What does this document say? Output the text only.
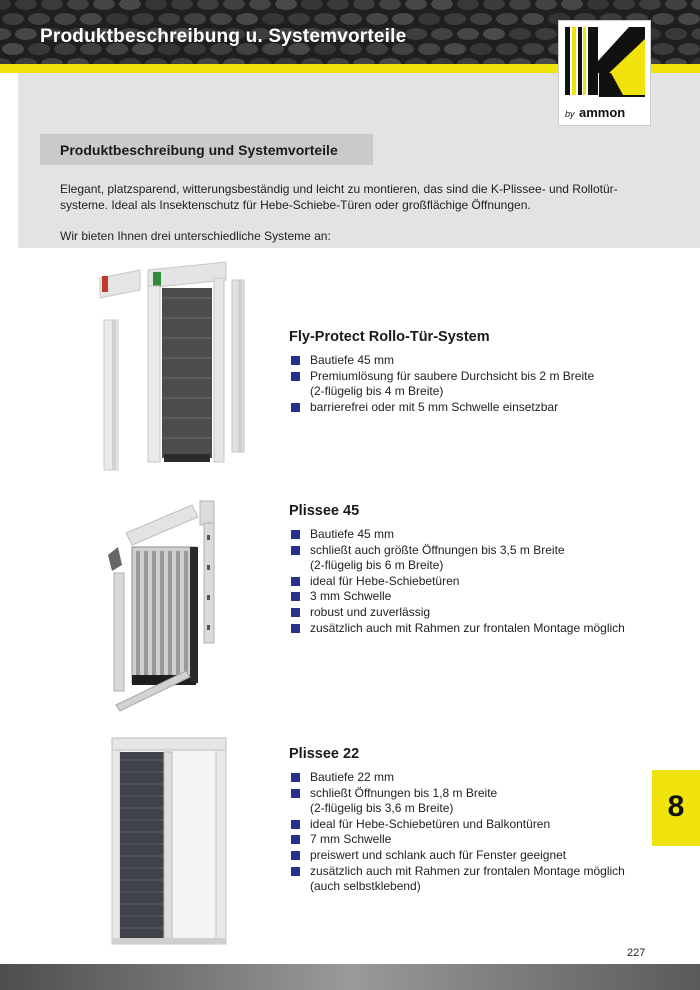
Produktbeschreibung u. Systemvorteile
by ammon
Produktbeschreibung und Systemvorteile
Elegant, platzsparend, witterungsbeständig und leicht zu montieren, das sind die K-Plissee- und Rollotür-
systeme. Ideal als Insektenschutz für Hebe-Schiebe-Türen oder großflächige Öffnungen.
Wir bieten Ihnen drei unterschiedliche Systeme an:
Fly-Protect Rollo-Tür-System
Bautiefe 45 mm
Premiumlösung für saubere Durchsicht bis 2 m Breite
(2-flügelig bis 4 m Breite)
barrierefrei oder mit 5 mm Schwelle einsetzbar
Plissee 45
Bautiefe 45 mm
schließt auch größte Öffnungen bis 3,5 m Breite
(2-flügelig bis 6 m Breite)
ideal für Hebe-Schiebetüren
3 mm Schwelle
robust und zuverlässig
zusätzlich auch mit Rahmen zur frontalen Montage möglich
Plissee 22
Bautiefe 22 mm
schließt Öffnungen bis 1,8 m Breite
(2-flügelig bis 3,6 m Breite)
ideal für Hebe-Schiebetüren und Balkontüren
7 mm Schwelle
preiswert und schlank auch für Fenster geeignet
zusätzlich auch mit Rahmen zur frontalen Montage möglich
(auch selbstklebend)
8
227
